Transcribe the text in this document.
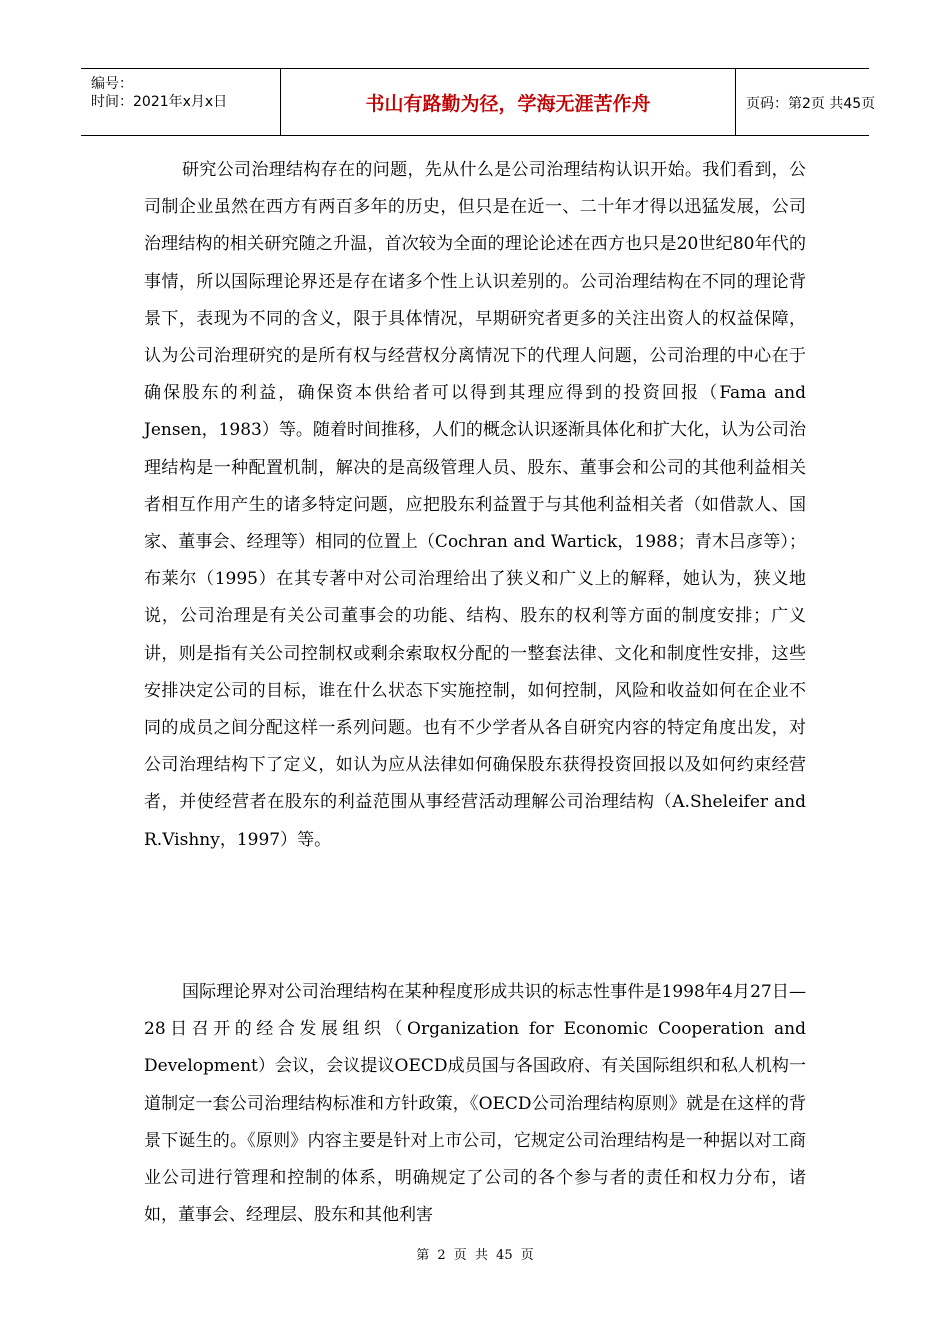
编号：
时间：2021年x月x日	书山有路勤为径，学海无涯苦作舟	页码：第2页 共45页

研究公司治理结构存在的问题，先从什么是公司治理结构认识开始。我们看到，公司制企业虽然在西方有两百多年的历史，但只是在近一、二十年才得以迅猛发展，公司治理结构的相关研究随之升温，首次较为全面的理论论述在西方也只是20世纪80年代的事情，所以国际理论界还是存在诸多个性上认识差别的。公司治理结构在不同的理论背景下，表现为不同的含义，限于具体情况，早期研究者更多的关注出资人的权益保障，认为公司治理研究的是所有权与经营权分离情况下的代理人问题，公司治理的中心在于确保股东的利益，确保资本供给者可以得到其理应得到的投资回报（Fama and Jensen，1983）等。随着时间推移，人们的概念认识逐渐具体化和扩大化，认为公司治理结构是一种配置机制，解决的是高级管理人员、股东、董事会和公司的其他利益相关者相互作用产生的诸多特定问题，应把股东利益置于与其他利益相关者（如借款人、国家、董事会、经理等）相同的位置上（Cochran and Wartick，1988；青木吕彦等）；布莱尔（1995）在其专著中对公司治理给出了狭义和广义上的解释，她认为，狭义地说，公司治理是有关公司董事会的功能、结构、股东的权利等方面的制度安排；广义讲，则是指有关公司控制权或剩余索取权分配的一整套法律、文化和制度性安排，这些安排决定公司的目标，谁在什么状态下实施控制，如何控制，风险和收益如何在企业不同的成员之间分配这样一系列问题。也有不少学者从各自研究内容的特定角度出发，对公司治理结构下了定义，如认为应从法律如何确保股东获得投资回报以及如何约束经营者，并使经营者在股东的利益范围从事经营活动理解公司治理结构（A.Sheleifer and R.Vishny，1997）等。

国际理论界对公司治理结构在某种程度形成共识的标志性事件是1998年4月27日—28日召开的经合发展组织（Organization for Economic Cooperation and Development）会议，会议提议OECD成员国与各国政府、有关国际组织和私人机构一道制定一套公司治理结构标准和方针政策，《OECD公司治理结构原则》就是在这样的背景下诞生的。《原则》内容主要是针对上市公司，它规定公司治理结构是一种据以对工商业公司进行管理和控制的体系，明确规定了公司的各个参与者的责任和权力分布，诸如，董事会、经理层、股东和其他利害

第 2 页 共 45 页
